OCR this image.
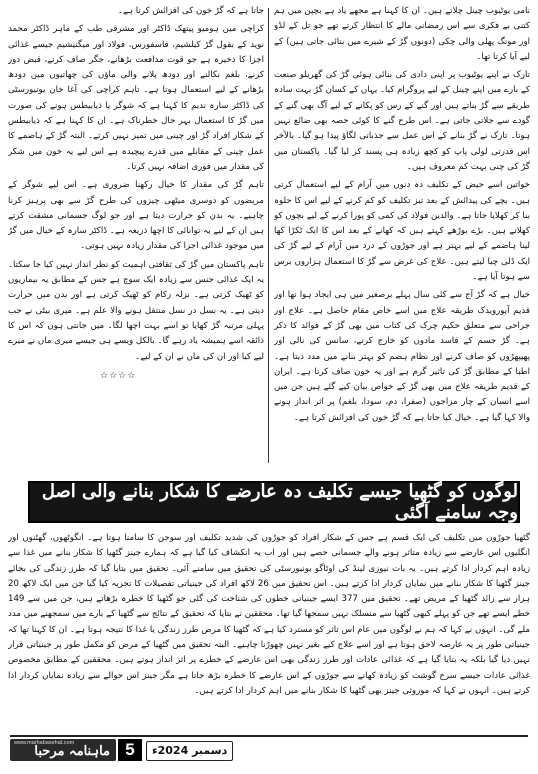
نامی یوٹیوب چینل چلاتے ہیں۔ ان کا کہنا ہے مجھے یاد ہے بچپن میں ہم کتنی بے فکری سے اس رمضانی مالے کا انتظار کرتے تھے جو تل کے لڈو اور مونگ پھلی والی چکی (دونوں گڑ کے شیرے میں بنائی جاتی ہیں) کے لیے آیا کرتا تھا۔

تارک نے اپنے یوٹیوب پر اپنی دادی کی بنائی ہوئی گڑ کی گھریلو صنعت کے بارے میں اپنے چینل کے لیے پروگرام کیا۔ یہاں کے کسان گڑ بہت سادہ طریقے سے گڑ بناتے ہیں اور گنے کے رس کو پکانے کے لیے آگ بھی گنے کے گودے سے جلاتی جاتی ہے۔ اس طرح گنے کا کوئی حصہ بھی ضائع نہیں ہوتا۔ تارک نے گڑ بنانے کے اس عمل سے جذباتی لگاؤ پیدا ہو گیا۔ بالآخر اس قدرتی لولی پاپ کو کچھ زیادہ ہی پسند کر لیا گیا۔ پاکستان میں گڑ کی چنی بہت کم معروف ہیں۔

خواتین اسے حیض کے تکلیف دہ دنوں میں آرام کے لیے استعمال کرتی ہیں۔ بچے کی پیدائش کے بعد تیز تکلیف کو کم کرنے کے لیے اس کا حلوہ بنا کر کھلایا جاتا ہے۔ والدین فولاد کی کمی کو پورا کرنے کے لیے بچوں کو کھلاتے ہیں۔ بڑے بوڑھے کہتے ہیں کہ کھانے کے بعد اس کا ایک ٹکڑا کھا لینا ہاضمے کے لیے بہتر ہے اور جوڑوں کے درد میں آرام کے لیے گڑ کی ایک ڈلی چبا لیتے ہیں۔ علاج کی غرض سے گڑ کا استعمال ہزاروں برس سے ہوتا آیا ہے۔

خیال ہے کہ گڑ آج سے کئی سال پہلے برصغیر میں ہی ایجاد ہوا تھا اور قدیم آیورویدک طریقہ علاج میں اسے خاص مقام حاصل ہے۔ علاج اور جراحی سے متعلق حکیم چرک کی کتاب میں بھی گڑ کے فوائد کا ذکر ہے۔ گڑ جسم کے فاسد مادوں کو خارج کرنے، سانس کی نالی اور پھیپھڑوں کو صاف کرنے اور نظام ہضم کو بہتر بنانے میں مدد دیتا ہے۔ اطبا کے مطابق گڑ کی تاثیر گرم ہے اور یہ خون صاف کرتا ہے۔ ایران کے قدیم طریقہ علاج میں بھی گڑ کے خواص بیان کیے گئے ہیں جن میں اسے انسان کے چار مزاجوں (صفرا، دم، سودا، بلغم) پر اثر انداز ہونے والا کہا گیا ہے۔ خیال کیا جاتا ہے کہ گڑ خون کی افزائش کرتا ہے۔

جاتا ہے کہ گڑ خون کی افزائش کرتا ہے۔

کراچی میں ہومیو پیتھک ڈاکٹر اور مشرقی طب کے ماہر ڈاکٹر محمد نوید کے بقول گڑ کیلشیم، فاسفورس، فولاد اور میگنیشیم جیسے غذائی اجزا کا ذخیرہ ہے جو قوت مدافعت بڑھانے، جگر صاف کرنے، قبض دور کرنے، بلغم نکالنے اور دودھ پلانے والی ماؤں کی چھاتیوں میں دودھ بڑھانے کے لیے استعمال ہوتا ہے۔ تاہم کراچی کی آغا خان یونیورسٹی کی ڈاکٹر سارہ ندیم کا کہنا ہے کہ شوگر یا ذیابیطس ہونے کی صورت میں گڑ کا استعمال بہر حال خطرناک ہے۔ ان کا کہنا ہے کہ ذیابیطس کے شکار افراد گڑ اور چینی میں تمیز نہیں کرتے۔ البتہ گڑ کے ہاضمے کا عمل چینی کے مقابلے میں قدرے پیچیدہ ہے اس لیے یہ خون میں شکر کی مقدار میں فوری اضافہ نہیں کرتا۔

تاہم گڑ کی مقدار کا خیال رکھنا ضروری ہے۔ اس لیے شوگر کے مریضوں کو دوسری میٹھی چیزوں کی طرح گڑ سے بھی پرہیز کرنا چاہیے۔ یہ بدن کو حرارت دیتا ہے اور جو لوگ جسمانی مشقت کرتے ہیں ان کے لیے یہ توانائی کا اچھا ذریعہ ہے۔ ڈاکٹر سارہ کے خیال میں گڑ میں موجود غذائی اجزا کی مقدار زیادہ نہیں ہوتی۔

تاہم پاکستان میں گڑ کی ثقافتی اہمیت کو نظر انداز نہیں کیا جا سکتا۔ یہ ایک غذائی جنس سے زیادہ ایک سوچ ہے جس کے مطابق یہ بیماریوں کو ٹھیک کرتی ہے۔ نزلہ زکام کو ٹھیک کرتی ہے اور بدن میں حرارت دیتی ہے۔ یہ نسل در نسل منتقل ہونے والا علم ہے۔ میری بیٹی نے جب پہلی مرتبہ گڑ کھایا تو اسے بہت اچھا لگا۔ میں جانتی ہوں کہ اس کا ذائقہ اسے ہمیشہ یاد رہے گا۔ بالکل ویسے ہی جیسے میری ماں نے میرے لیے کیا اور ان کی ماں نے ان کے لیے۔

☆☆☆☆
لوگوں کو گٹھیا جیسے تکلیف دہ عارضے کا شکار بنانے والی اصل وجہ سامنے آگئی

گٹھیا جوڑوں میں تکلیف کی ایک قسم ہے جس کے شکار افراد کو جوڑوں کی شدید تکلیف اور سوجن کا سامنا ہوتا ہے۔ انگوٹھوں، گھٹنوں اور انگلیوں اس عارضے سے زیادہ متاثر ہونے والے جسمانی حصے ہیں اور اب یہ انکشاف کیا گیا ہے کہ ہمارے جینز گٹھیا کا شکار بنانے میں غذا سے زیادہ اہم کردار ادا کرتے ہیں۔ یہ بات نیوزی لینڈ کی اوٹاگو یونیورسٹی کی تحقیق میں سامنے آئی۔ تحقیق میں بتایا گیا کہ طرز زندگی کی بجائے جینز گٹھیا کا شکار بنانے میں نمایاں کردار ادا کرتے ہیں۔ اس تحقیق میں 26 لاکھ افراد کی جینیاتی تفصیلات کا تجزیہ کیا گیا جن میں ایک لاکھ 20 ہزار سے زائد گٹھیا کے مریض تھے۔ تحقیق میں 377 ایسے جینیاتی خطوں کی شناخت کی گئی جو گٹھیا کا خطرہ بڑھاتے ہیں، جن میں سے 149 خطے ایسے تھے جن کو پہلے کبھی گٹھیا سے منسلک نہیں سمجھا گیا تھا۔ محققین نے بتایا کہ تحقیق کے نتائج سے گٹھیا کے بارے میں سمجھنے میں مدد ملے گی۔ انہوں نے کہا کہ ہم نے لوگوں میں عام اس تاثر کو مسترد کیا ہے کہ گٹھیا کا مرض طرز زندگی یا غذا کا نتیجہ ہوتا ہے۔ ان کا کہنا تھا کہ جینیاتی طور پر یہ عارضہ لاحق ہوتا ہے اور اسے علاج کیے بغیر نہیں چھوڑنا چاہیے۔ البتہ تحقیق میں گٹھیا کے مرض کو مکمل طور پر جینیاتی قرار نہیں دیا گیا بلکہ یہ بتایا گیا ہے کہ غذائی عادات اور طرز زندگی بھی اس عارضے کے خطرے پر اثر انداز ہوتے ہیں۔ محققین کے مطابق مخصوص غذائی عادات جیسے سرخ گوشت کو زیادہ کھانے سے جوڑوں کے اس عارضے کا خطرہ بڑھ جاتا ہے مگر جینز اس حوالے سے زیادہ نمایاں کردار ادا کرتے ہیں۔ انہوں نے کہا کہ موروثی جینز بھی گٹھیا کا شکار بنانے میں اہم کردار ادا کرتے ہیں۔

www.marhabasehat.com
ماہنامہ مرحبا صحت
5	دسمبر 2024ء
